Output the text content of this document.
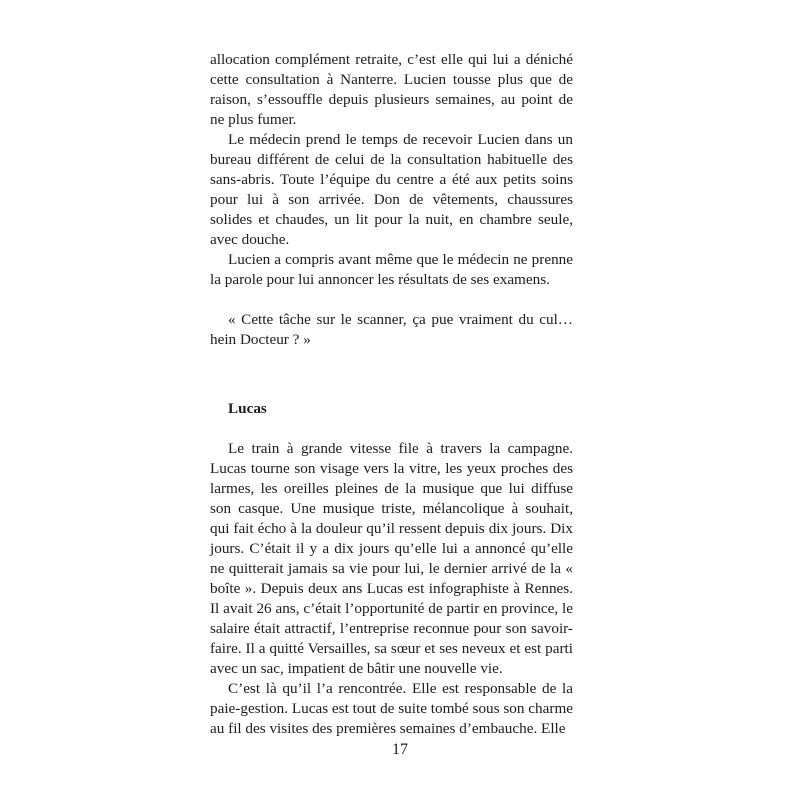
allocation complément retraite, c’est elle qui lui a déniché cette consultation à Nanterre. Lucien tousse plus que de raison, s’essouffle depuis plusieurs semaines, au point de ne plus fumer.

Le médecin prend le temps de recevoir Lucien dans un bureau différent de celui de la consultation habituelle des sans-abris. Toute l’équipe du centre a été aux petits soins pour lui à son arrivée. Don de vêtements, chaussures solides et chaudes, un lit pour la nuit, en chambre seule, avec douche.

Lucien a compris avant même que le médecin ne prenne la parole pour lui annoncer les résultats de ses examens.

« Cette tâche sur le scanner, ça pue vraiment du cul… hein Docteur ? »

Lucas

Le train à grande vitesse file à travers la campagne. Lucas tourne son visage vers la vitre, les yeux proches des larmes, les oreilles pleines de la musique que lui diffuse son casque. Une musique triste, mélancolique à souhait, qui fait écho à la douleur qu’il ressent depuis dix jours. Dix jours. C’était il y a dix jours qu’elle lui a annoncé qu’elle ne quitterait jamais sa vie pour lui, le dernier arrivé de la « boîte ». Depuis deux ans Lucas est infographiste à Rennes. Il avait 26 ans, c’était l’opportunité de partir en province, le salaire était attractif, l’entreprise reconnue pour son savoir-faire. Il a quitté Versailles, sa sœur et ses neveux et est parti avec un sac, impatient de bâtir une nouvelle vie.

C’est là qu’il l’a rencontrée. Elle est responsable de la paie-gestion. Lucas est tout de suite tombé sous son charme au fil des visites des premières semaines d’embauche. Elle

17
